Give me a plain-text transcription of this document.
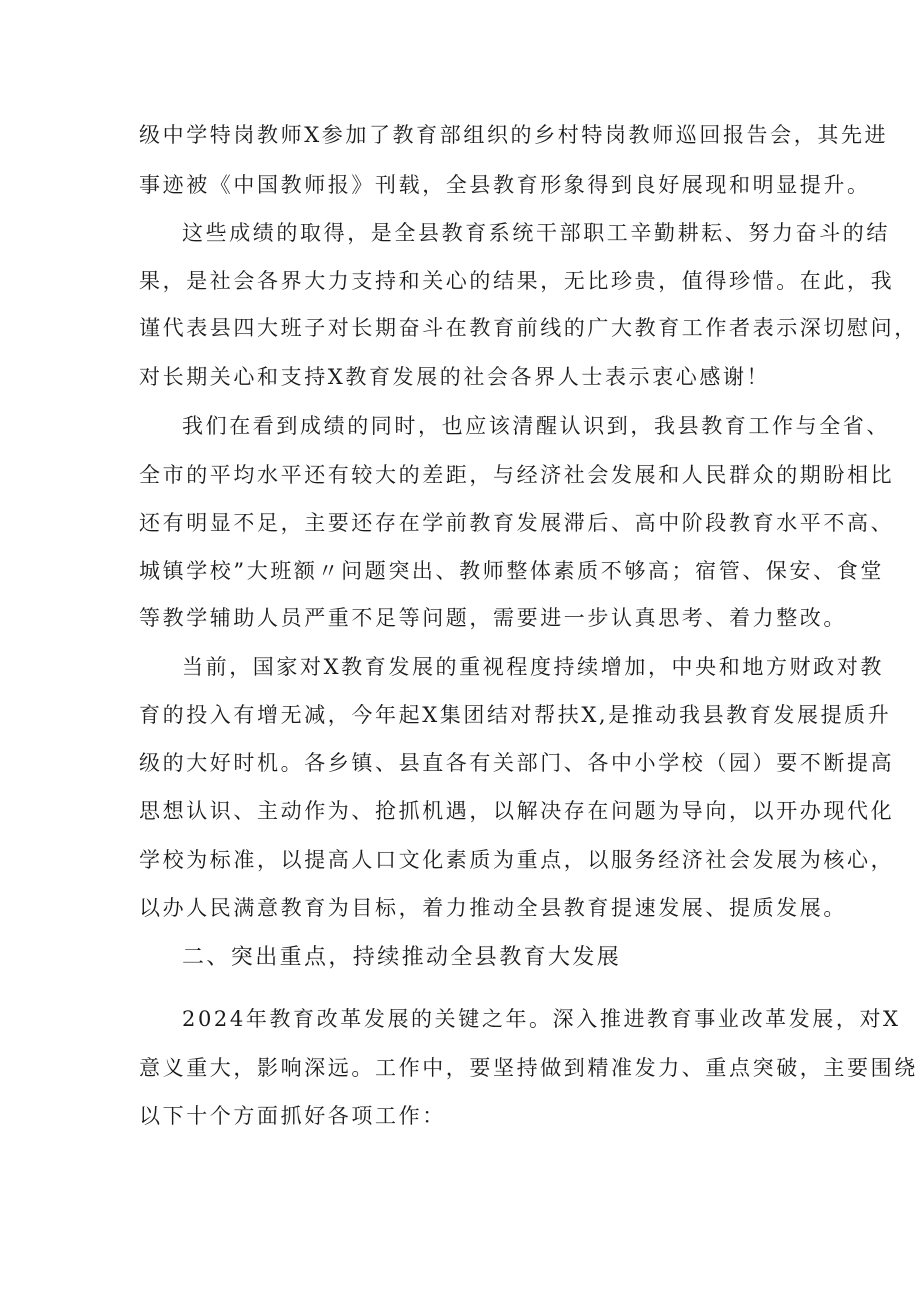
级中学特岗教师X参加了教育部组织的乡村特岗教师巡回报告会，其先进
事迹被《中国教师报》刊载，全县教育形象得到良好展现和明显提升。
这些成绩的取得，是全县教育系统干部职工辛勤耕耘、努力奋斗的结
果，是社会各界大力支持和关心的结果，无比珍贵，值得珍惜。在此，我
谨代表县四大班子对长期奋斗在教育前线的广大教育工作者表示深切慰问，
对长期关心和支持X教育发展的社会各界人士表示衷心感谢！
我们在看到成绩的同时，也应该清醒认识到，我县教育工作与全省、
全市的平均水平还有较大的差距，与经济社会发展和人民群众的期盼相比
还有明显不足，主要还存在学前教育发展滞后、高中阶段教育水平不高、
城镇学校”大班额〃问题突出、教师整体素质不够高；宿管、保安、食堂
等教学辅助人员严重不足等问题，需要进一步认真思考、着力整改。
当前，国家对X教育发展的重视程度持续增加，中央和地方财政对教
育的投入有增无减，今年起X集团结对帮扶X,是推动我县教育发展提质升
级的大好时机。各乡镇、县直各有关部门、各中小学校（园）要不断提高
思想认识、主动作为、抢抓机遇，以解决存在问题为导向，以开办现代化
学校为标准，以提高人口文化素质为重点，以服务经济社会发展为核心，
以办人民满意教育为目标，着力推动全县教育提速发展、提质发展。
二、突出重点，持续推动全县教育大发展
2024年教育改革发展的关键之年。深入推进教育事业改革发展，对X
意义重大，影响深远。工作中，要坚持做到精准发力、重点突破，主要围绕
以下十个方面抓好各项工作：
